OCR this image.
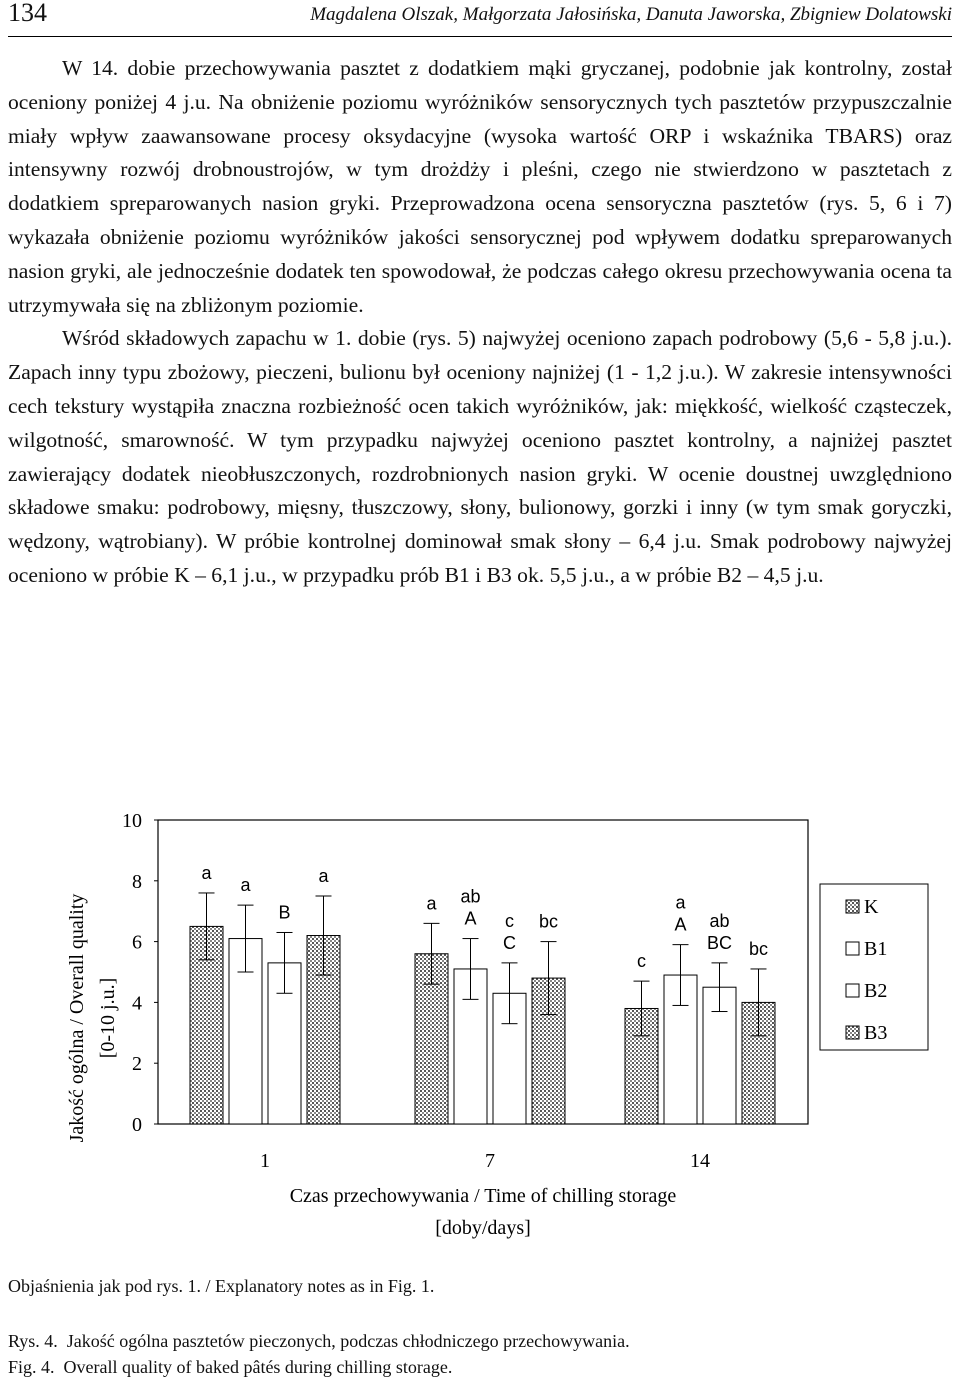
134	Magdalena Olszak, Małgorzata Jałosińska, Danuta Jaworska, Zbigniew Dolatowski

W 14. dobie przechowywania pasztet z dodatkiem mąki gryczanej, podobnie jak kontrolny, został oceniony poniżej 4 j.u. Na obniżenie poziomu wyróżników sensorycznych tych pasztetów przypuszczalnie miały wpływ zaawansowane procesy oksydacyjne (wysoka wartość ORP i wskaźnika TBARS) oraz intensywny rozwój drobnoustrojów, w tym drożdży i pleśni, czego nie stwierdzono w pasztetach z dodatkiem spreparowanych nasion gryki. Przeprowadzona ocena sensoryczna pasztetów (rys. 5, 6 i 7) wykazała obniżenie poziomu wyróżników jakości sensorycznej pod wpływem dodatku spreparowanych nasion gryki, ale jednocześnie dodatek ten spowodował, że podczas całego okresu przechowywania ocena ta utrzymywała się na zbliżonym poziomie.

Wśród składowych zapachu w 1. dobie (rys. 5) najwyżej oceniono zapach podrobowy (5,6 - 5,8 j.u.). Zapach inny typu zbożowy, pieczeni, bulionu był oceniony najniżej (1 - 1,2 j.u.). W zakresie intensywności cech tekstury wystąpiła znaczna rozbieżność ocen takich wyróżników, jak: miękkość, wielkość cząsteczek, wilgotność, smarowność. W tym przypadku najwyżej oceniono pasztet kontrolny, a najniżej pasztet zawierający dodatek nieobłuszczonych, rozdrobnionych nasion gryki. W ocenie doustnej uwzględniono składowe smaku: podrobowy, mięsny, tłuszczowy, słony, bulionowy, gorzki i inny (w tym smak goryczki, wędzony, wątrobiany). W próbie kontrolnej dominował smak słony – 6,4 j.u. Smak podrobowy najwyżej oceniono w próbie K – 6,1 j.u., w przypadku prób B1 i B3 ok. 5,5 j.u., a w próbie B2 – 4,5 j.u.

Jakość ogólna / Overall quality [0-10 j.u.]
0
2
4
6
8
10
a
a
B
a
a ab
A c
C
bc
c
a
A ab
BC bc
1	7	14
Czas przechowywania / Time of chilling storage
[doby/days]
K
B1
B2
B3
Objaśnienia jak pod rys. 1. / Explanatory notes as in Fig. 1.
Rys. 4. Jakość ogólna pasztetów pieczonych, podczas chłodniczego przechowywania.
Fig. 4. Overall quality of baked pâtés during chilling storage.
